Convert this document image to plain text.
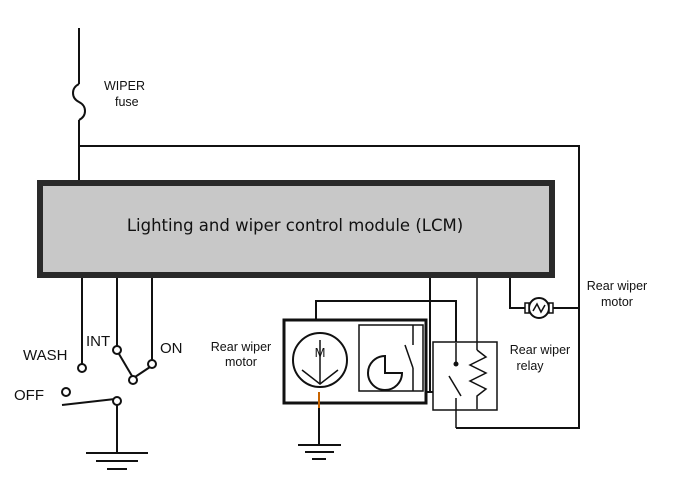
WIPER
fuse
Lighting and wiper control module (LCM)
WASH
INT	ON
OFF
M
Rear wiper
motor
Rear wiper
relay
Rear wiper
motor
